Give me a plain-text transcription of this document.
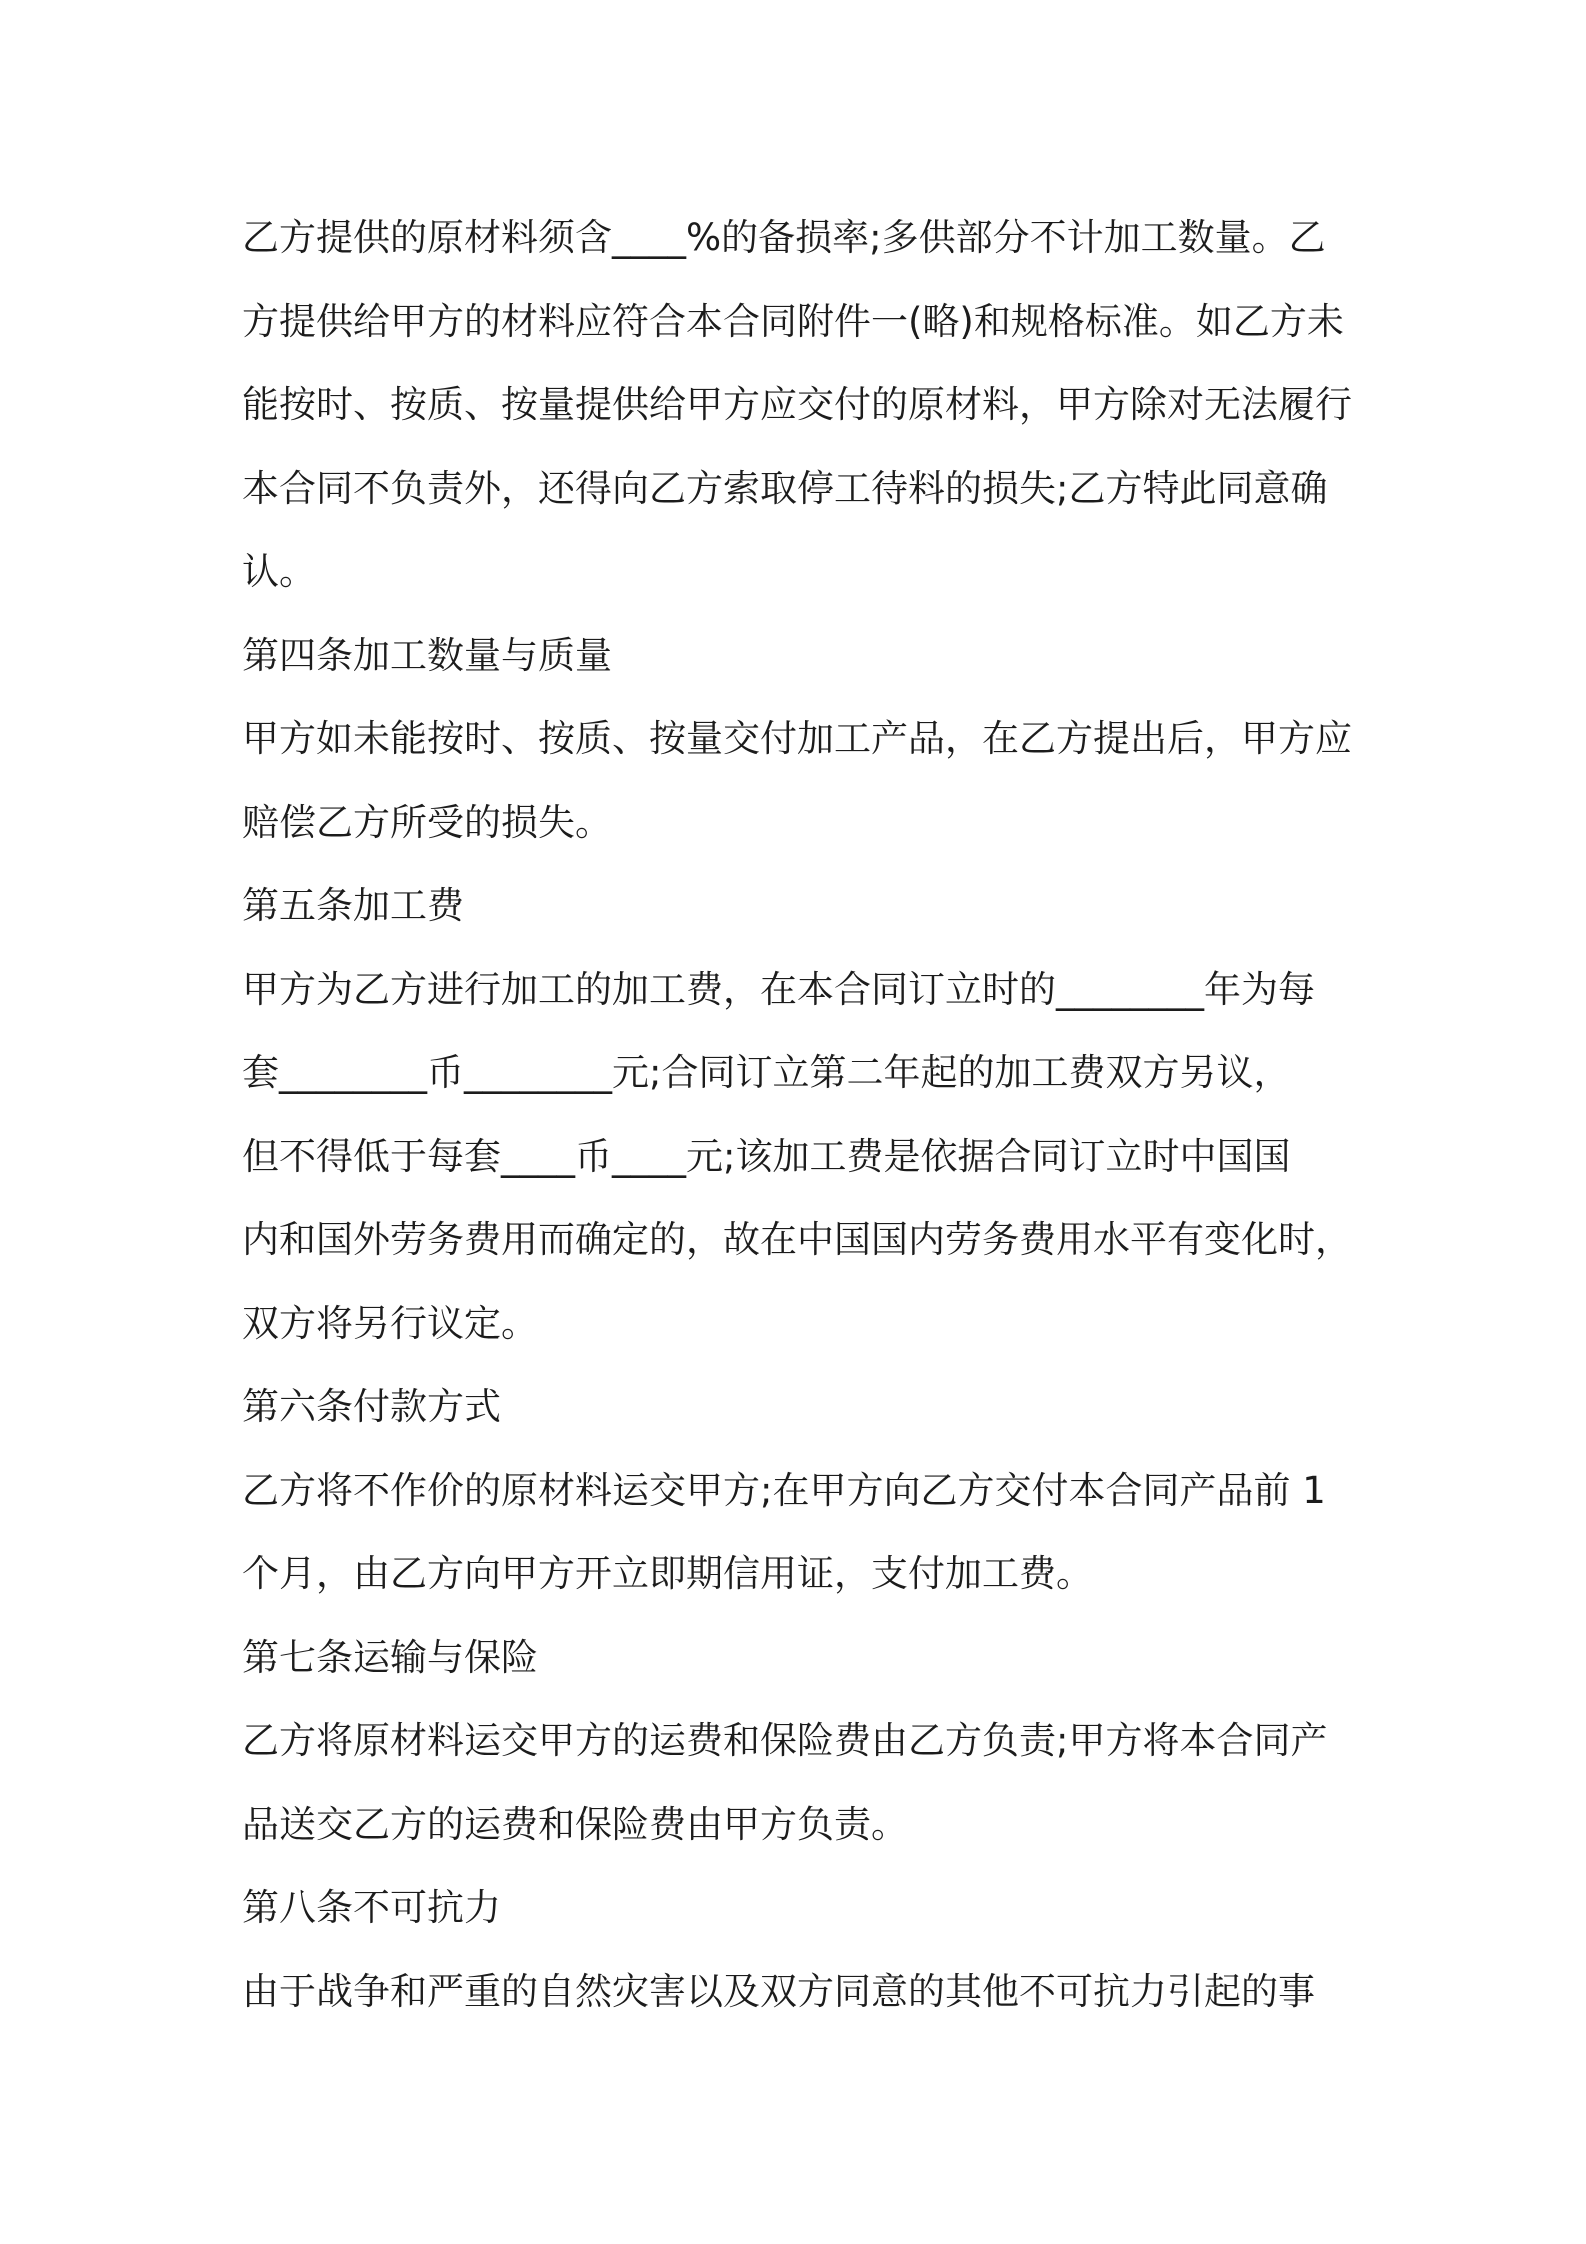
乙方提供的原材料须含____%的备损率;多供部分不计加工数量。乙
方提供给甲方的材料应符合本合同附件一(略)和规格标准。如乙方未
能按时、按质、按量提供给甲方应交付的原材料，甲方除对无法履行
本合同不负责外，还得向乙方索取停工待料的损失;乙方特此同意确
认。
第四条加工数量与质量
甲方如未能按时、按质、按量交付加工产品，在乙方提出后，甲方应
赔偿乙方所受的损失。
第五条加工费
甲方为乙方进行加工的加工费，在本合同订立时的________年为每
套________币________元;合同订立第二年起的加工费双方另议，
但不得低于每套____币____元;该加工费是依据合同订立时中国国
内和国外劳务费用而确定的，故在中国国内劳务费用水平有变化时，
双方将另行议定。
第六条付款方式
乙方将不作价的原材料运交甲方;在甲方向乙方交付本合同产品前 1
个月，由乙方向甲方开立即期信用证，支付加工费。
第七条运输与保险
乙方将原材料运交甲方的运费和保险费由乙方负责;甲方将本合同产
品送交乙方的运费和保险费由甲方负责。
第八条不可抗力
由于战争和严重的自然灾害以及双方同意的其他不可抗力引起的事
